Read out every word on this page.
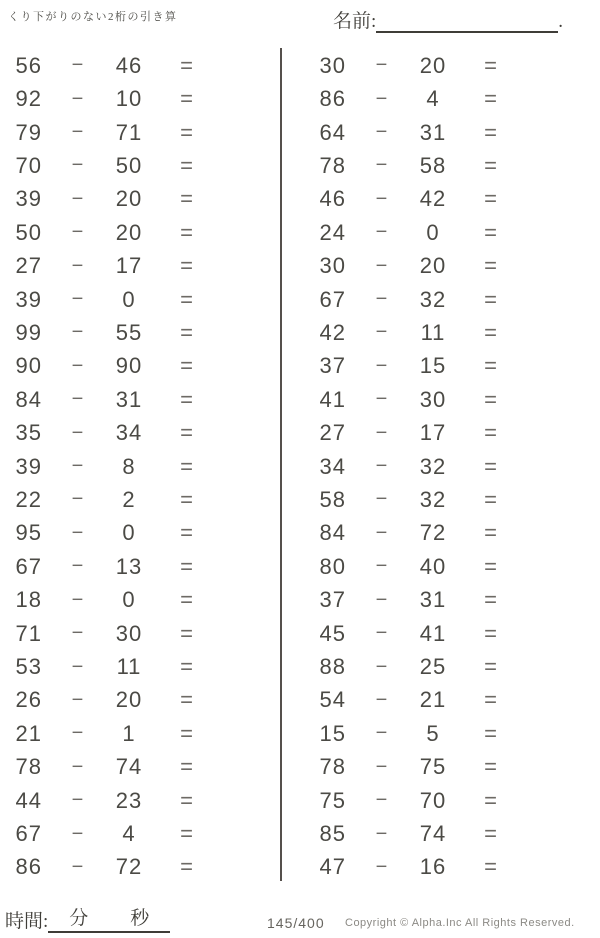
くり下がりのない2桁の引き算	名前:	.
56	−	46	=
92	−	10	=
79	−	71	=
70	−	50	=
39	−	20	=
50	−	20	=
27	−	17	=
39	−	0	=
99	−	55	=
90	−	90	=
84	−	31	=
35	−	34	=
39	−	8	=
22	−	2	=
95	−	0	=
67	−	13	=
18	−	0	=
71	−	30	=
53	−	11	=
26	−	20	=
21	−	1	=
78	−	74	=
44	−	23	=
67	−	4	=
86	−	72	=
30	−	20	=
86	−	4	=
64	−	31	=
78	−	58	=
46	−	42	=
24	−	0	=
30	−	20	=
67	−	32	=
42	−	11	=
37	−	15	=
41	−	30	=
27	−	17	=
34	−	32	=
58	−	32	=
84	−	72	=
80	−	40	=
37	−	31	=
45	−	41	=
88	−	25	=
54	−	21	=
15	−	5	=
78	−	75	=
75	−	70	=
85	−	74	=
47	−	16	=
時間: 分 秒	145/400 Copyright © Alpha.Inc All Rights Reserved.
